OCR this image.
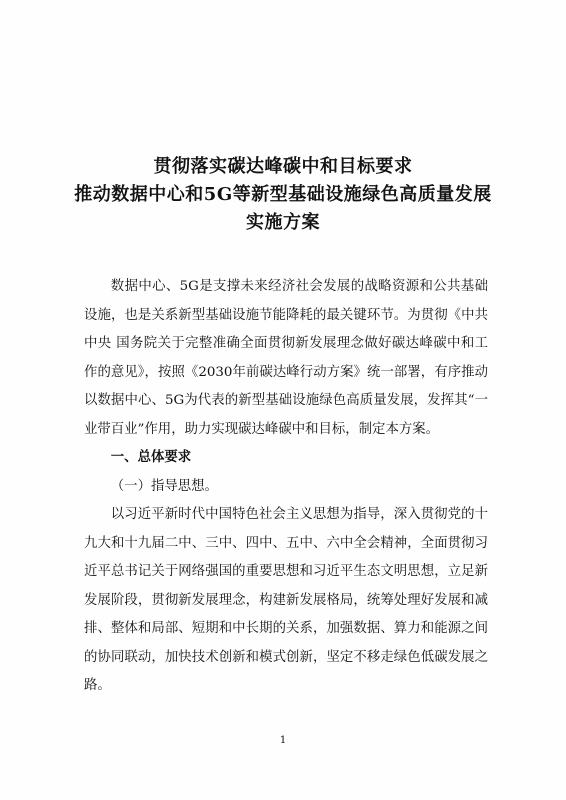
贯彻落实碳达峰碳中和目标要求
推动数据中心和5G等新型基础设施绿色高质量发展
实施方案

数据中心、5G是支撑未来经济社会发展的战略资源和公共基础设施，也是关系新型基础设施节能降耗的最关键环节。为贯彻《中共中央 国务院关于完整准确全面贯彻新发展理念做好碳达峰碳中和工作的意见》，按照《2030年前碳达峰行动方案》统一部署，有序推动以数据中心、5G为代表的新型基础设施绿色高质量发展，发挥其“一业带百业”作用，助力实现碳达峰碳中和目标，制定本方案。

一、总体要求

（一）指导思想。

以习近平新时代中国特色社会主义思想为指导，深入贯彻党的十九大和十九届二中、三中、四中、五中、六中全会精神，全面贯彻习近平总书记关于网络强国的重要思想和习近平生态文明思想，立足新发展阶段，贯彻新发展理念，构建新发展格局，统筹处理好发展和减排、整体和局部、短期和中长期的关系，加强数据、算力和能源之间的协同联动，加快技术创新和模式创新，坚定不移走绿色低碳发展之路。

1
